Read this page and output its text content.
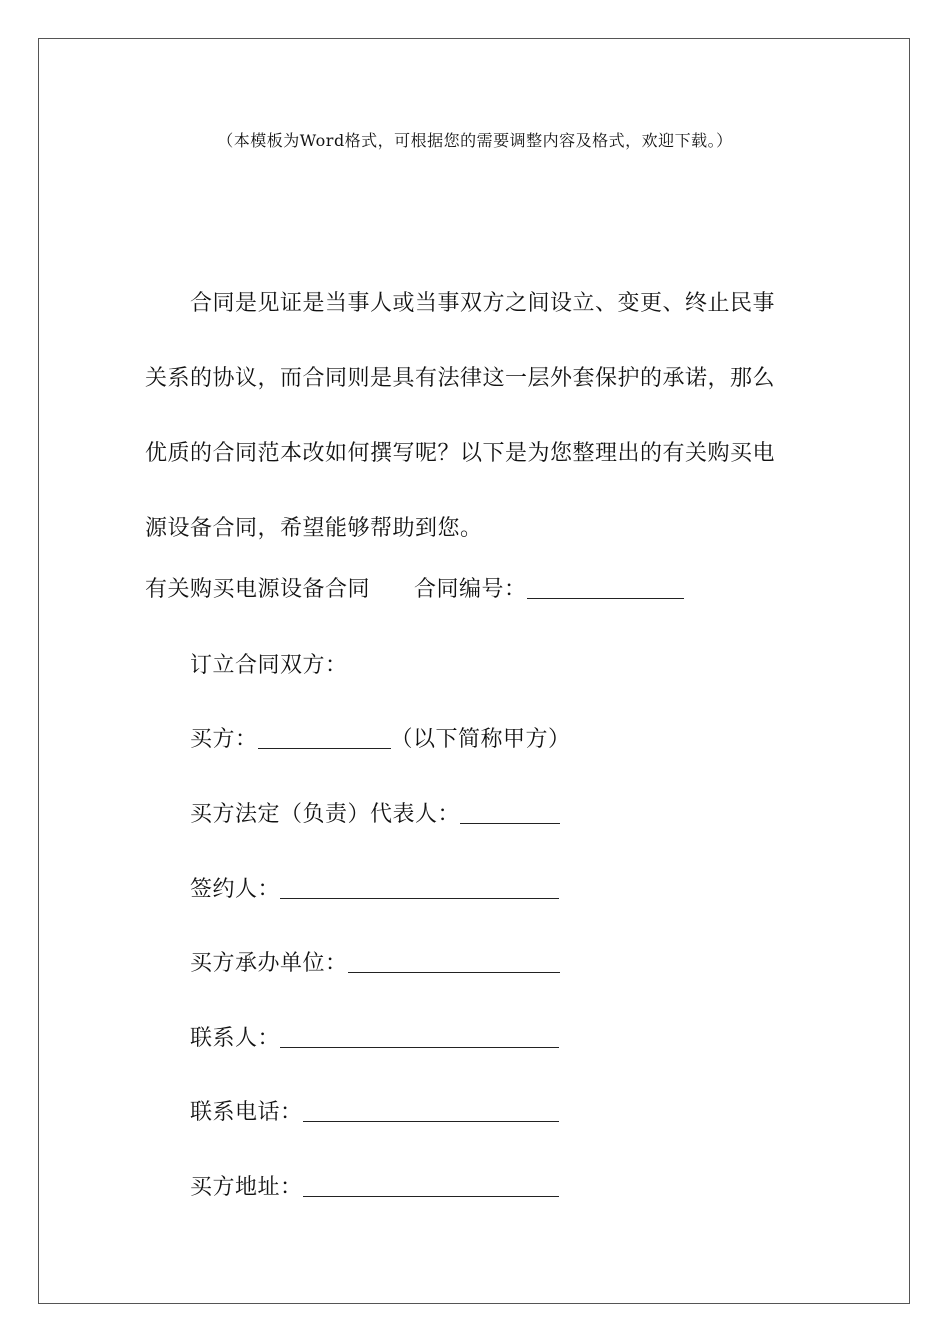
（本模板为Word格式，可根据您的需要调整内容及格式，欢迎下载。）

合同是见证是当事人或当事双方之间设立、变更、终止民事关系的协议，而合同则是具有法律这一层外套保护的承诺，那么优质的合同范本改如何撰写呢？以下是为您整理出的有关购买电源设备合同，希望能够帮助到您。

有关购买电源设备合同 合同编号：
订立合同双方：
买方：	（以下简称甲方）
买方法定（负责）代表人：
签约人：
买方承办单位：
联系人：
联系电话：
买方地址：
